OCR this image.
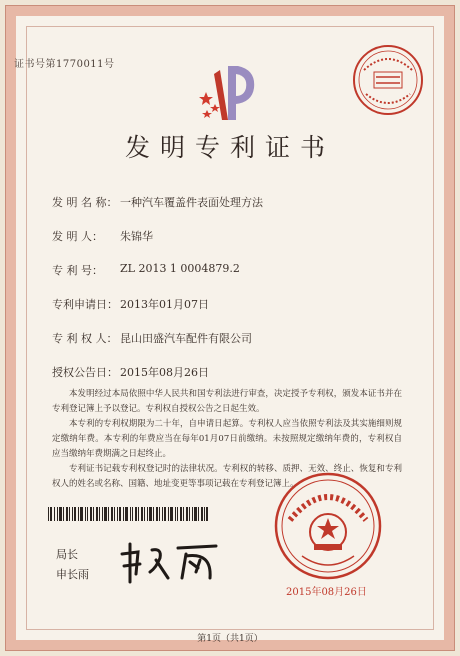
证书号第1770011号
发明专利证书
发 明 名 称： 一种汽车覆盖件表面处理方法
发 明 人： 朱锦华
专 利 号： ZL 2013 1 0004879.2
专利申请日： 2013年01月07日
专 利 权 人： 昆山田盛汽车配件有限公司
授权公告日： 2015年08月26日

本发明经过本局依照中华人民共和国专利法进行审查，决定授予专利权，颁发本证书并在专利登记簿上予以登记。专利权自授权公告之日起生效。

本专利的专利权期限为二十年，自申请日起算。专利权人应当依照专利法及其实施细则规定缴纳年费。本专利的年费应当在每年01月07日前缴纳。未按照规定缴纳年费的，专利权自应当缴纳年费期满之日起终止。

专利证书记载专利权登记时的法律状况。专利权的转移、质押、无效、终止、恢复和专利权人的姓名或名称、国籍、地址变更等事项记载在专利登记簿上。

局长
申长雨
2015年08月26日
第1页（共1页）
